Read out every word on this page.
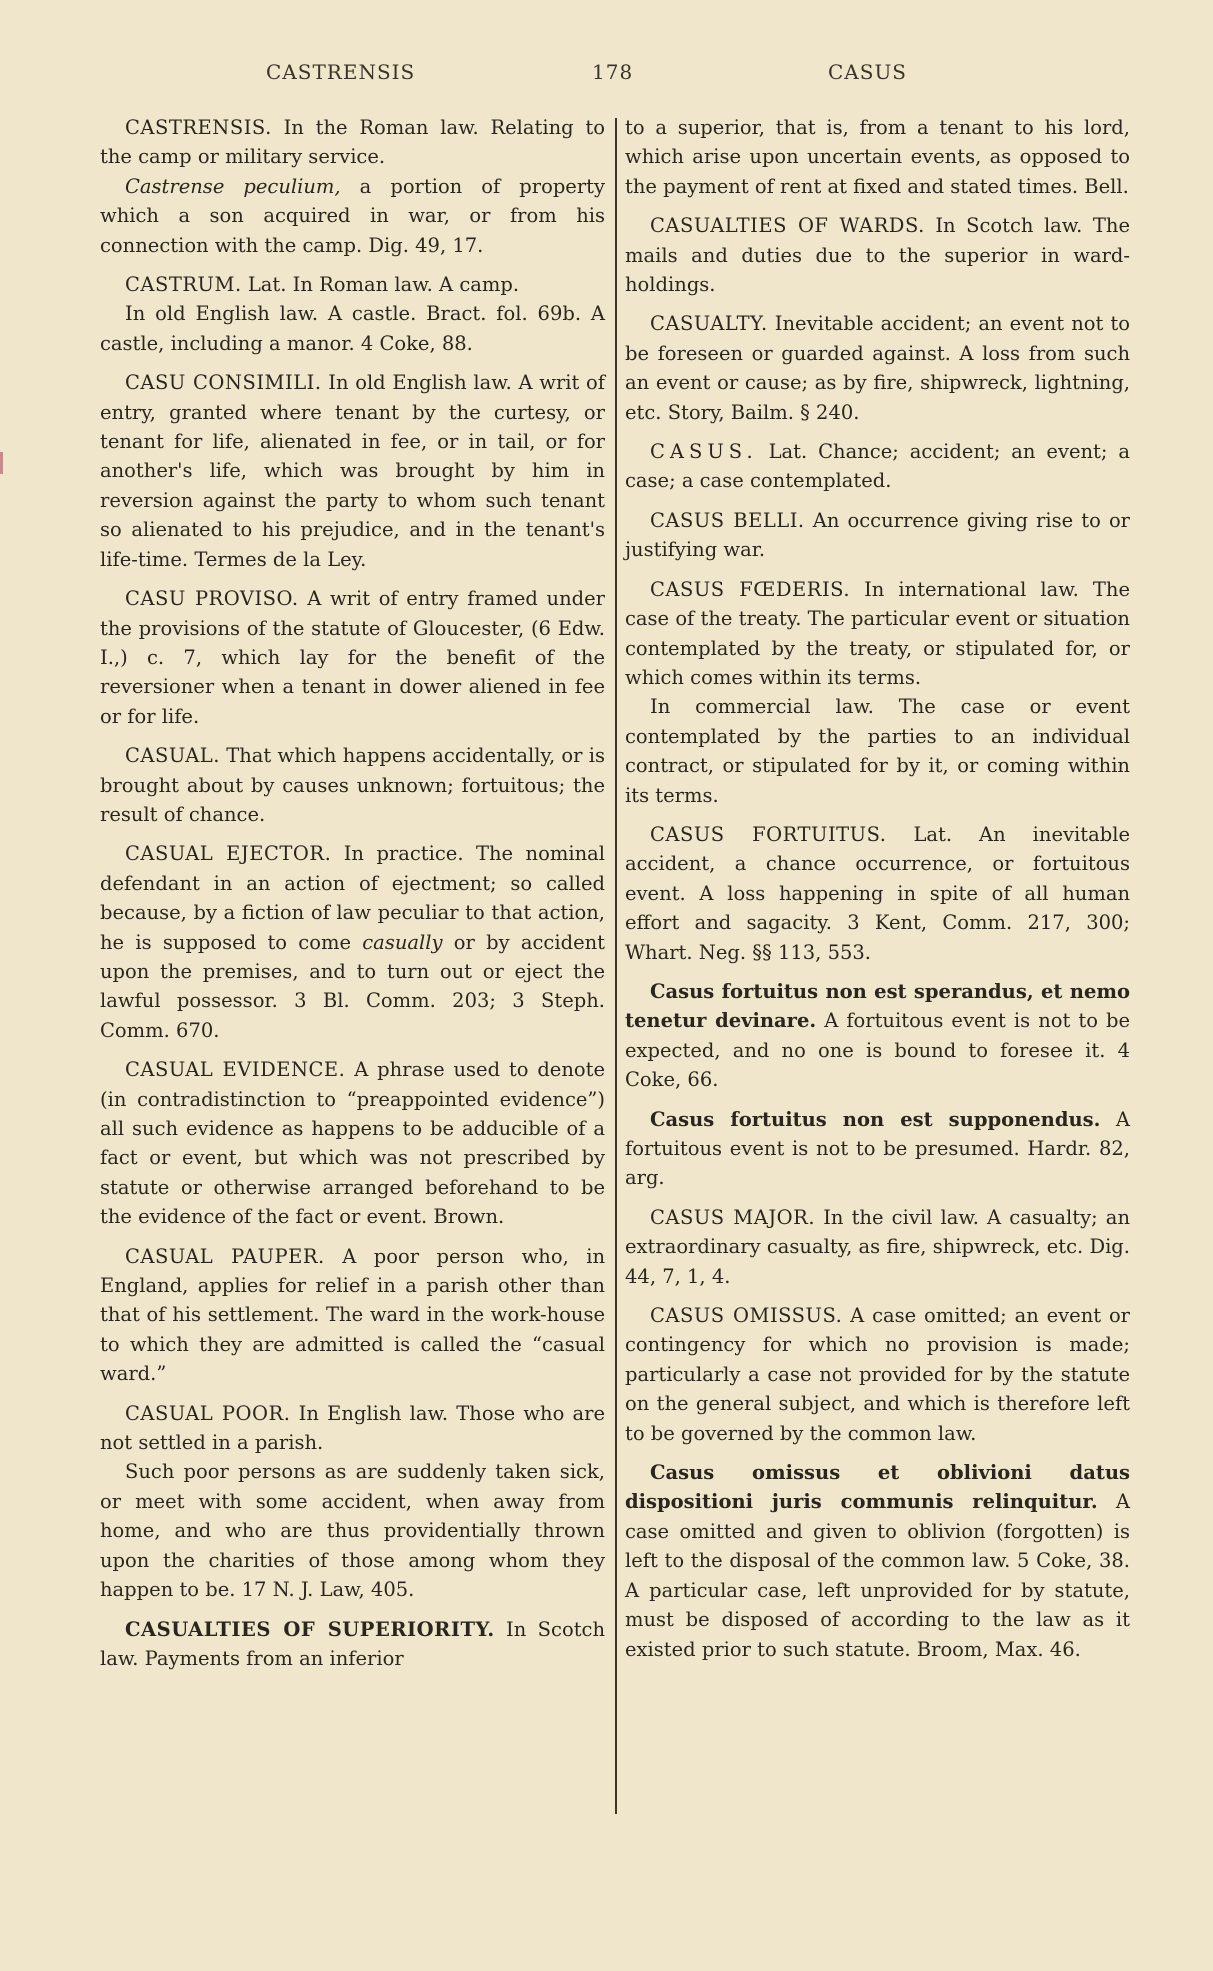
CASTRENSIS	178	CASUS

CASTRENSIS. In the Roman law. Relating to the camp or military service.

Castrense peculium, a portion of property which a son acquired in war, or from his connection with the camp. Dig. 49, 17.

CASTRUM. Lat. In Roman law. A camp.

In old English law. A castle. Bract. fol. 69b. A castle, including a manor. 4 Coke, 88.

CASU CONSIMILI. In old English law. A writ of entry, granted where tenant by the curtesy, or tenant for life, alienated in fee, or in tail, or for another's life, which was brought by him in reversion against the party to whom such tenant so alienated to his prejudice, and in the tenant's life-time. Termes de la Ley.

CASU PROVISO. A writ of entry framed under the provisions of the statute of Gloucester, (6 Edw. I.,) c. 7, which lay for the benefit of the reversioner when a tenant in dower aliened in fee or for life.

CASUAL. That which happens accidentally, or is brought about by causes unknown; fortuitous; the result of chance.

CASUAL EJECTOR. In practice. The nominal defendant in an action of ejectment; so called because, by a fiction of law peculiar to that action, he is supposed to come casually or by accident upon the premises, and to turn out or eject the lawful possessor. 3 Bl. Comm. 203; 3 Steph. Comm. 670.

CASUAL EVIDENCE. A phrase used to denote (in contradistinction to “preappointed evidence”) all such evidence as happens to be adducible of a fact or event, but which was not prescribed by statute or otherwise arranged beforehand to be the evidence of the fact or event. Brown.

CASUAL PAUPER. A poor person who, in England, applies for relief in a parish other than that of his settlement. The ward in the work-house to which they are admitted is called the “casual ward.”

CASUAL POOR. In English law. Those who are not settled in a parish.

Such poor persons as are suddenly taken sick, or meet with some accident, when away from home, and who are thus providentially thrown upon the charities of those among whom they happen to be. 17 N. J. Law, 405.

CASUALTIES OF SUPERIORITY. In Scotch law. Payments from an inferior

to a superior, that is, from a tenant to his lord, which arise upon uncertain events, as opposed to the payment of rent at fixed and stated times. Bell.

CASUALTIES OF WARDS. In Scotch law. The mails and duties due to the superior in ward-holdings.

CASUALTY. Inevitable accident; an event not to be foreseen or guarded against. A loss from such an event or cause; as by fire, shipwreck, lightning, etc. Story, Bailm. § 240.

CASUS. Lat. Chance; accident; an event; a case; a case contemplated.

CASUS BELLI. An occurrence giving rise to or justifying war.

CASUS FŒDERIS. In international law. The case of the treaty. The particular event or situation contemplated by the treaty, or stipulated for, or which comes within its terms.

In commercial law. The case or event contemplated by the parties to an individual contract, or stipulated for by it, or coming within its terms.

CASUS FORTUITUS. Lat. An inevitable accident, a chance occurrence, or fortuitous event. A loss happening in spite of all human effort and sagacity. 3 Kent, Comm. 217, 300; Whart. Neg. §§ 113, 553.

Casus fortuitus non est sperandus, et nemo tenetur devinare. A fortuitous event is not to be expected, and no one is bound to foresee it. 4 Coke, 66.

Casus fortuitus non est supponendus. A fortuitous event is not to be presumed. Hardr. 82, arg.

CASUS MAJOR. In the civil law. A casualty; an extraordinary casualty, as fire, shipwreck, etc. Dig. 44, 7, 1, 4.

CASUS OMISSUS. A case omitted; an event or contingency for which no provision is made; particularly a case not provided for by the statute on the general subject, and which is therefore left to be governed by the common law.

Casus omissus et oblivioni datus dispositioni juris communis relinquitur. A case omitted and given to oblivion (forgotten) is left to the disposal of the common law. 5 Coke, 38. A particular case, left unprovided for by statute, must be disposed of according to the law as it existed prior to such statute. Broom, Max. 46.
